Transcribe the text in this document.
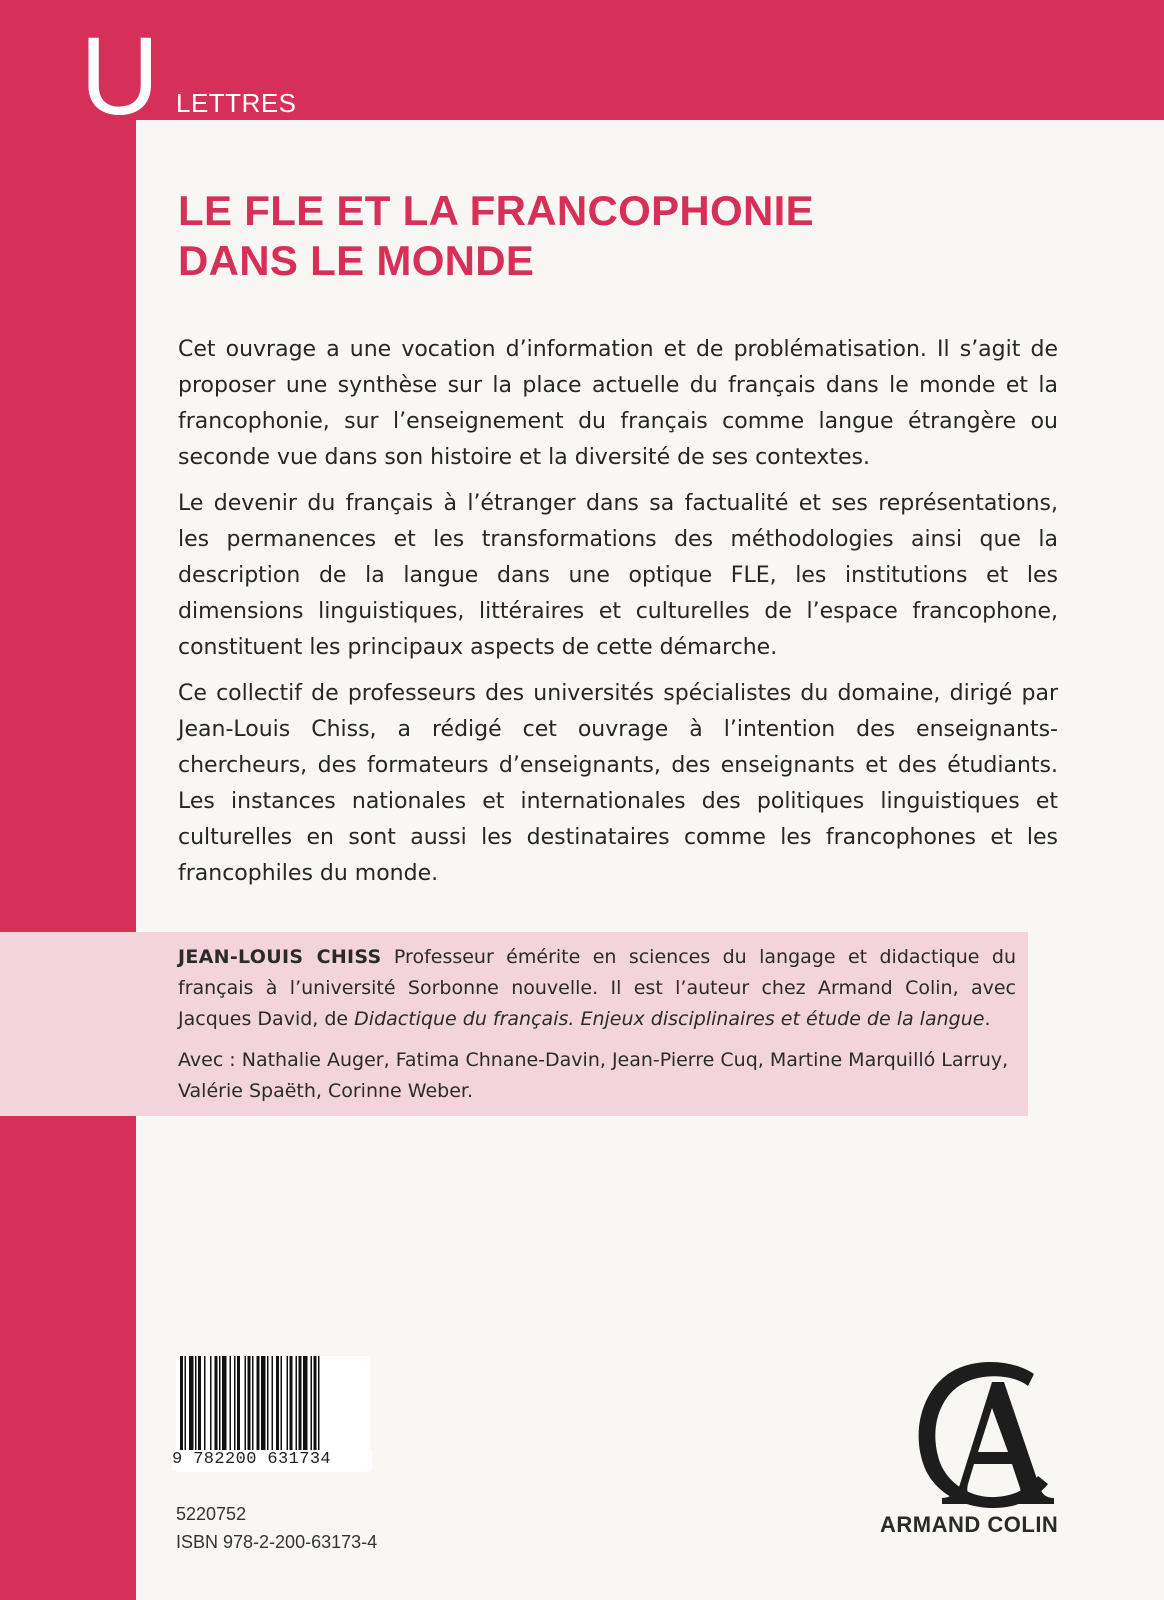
U LETTRES
LE FLE ET LA FRANCOPHONIE
DANS LE MONDE

Cet ouvrage a une vocation d’information et de problématisation. Il s’agit de proposer une synthèse sur la place actuelle du français dans le monde et la francophonie, sur l’enseignement du français comme langue étrangère ou seconde vue dans son histoire et la diversité de ses contextes.

Le devenir du français à l’étranger dans sa factualité et ses représentations, les permanences et les transformations des méthodologies ainsi que la description de la langue dans une optique FLE, les institutions et les dimensions linguistiques, littéraires et culturelles de l’espace francophone, constituent les principaux aspects de cette démarche.

Ce collectif de professeurs des universités spécialistes du domaine, dirigé par Jean-Louis Chiss, a rédigé cet ouvrage à l’intention des enseignants-chercheurs, des formateurs d’enseignants, des enseignants et des étudiants. Les instances nationales et internationales des politiques linguistiques et culturelles en sont aussi les destinataires comme les francophones et les francophiles du monde.

JEAN-LOUIS CHISS Professeur émérite en sciences du langage et didactique du français à l’université Sorbonne nouvelle. Il est l’auteur chez Armand Colin, avec Jacques David, de Didactique du français. Enjeux disciplinaires et étude de la langue.

Avec : Nathalie Auger, Fatima Chnane-Davin, Jean-Pierre Cuq, Martine Marquilló Larruy, Valérie Spaëth, Corinne Weber.

9 782200 631734
5220752
ISBN 978-2-200-63173-4
ARMAND COLIN
